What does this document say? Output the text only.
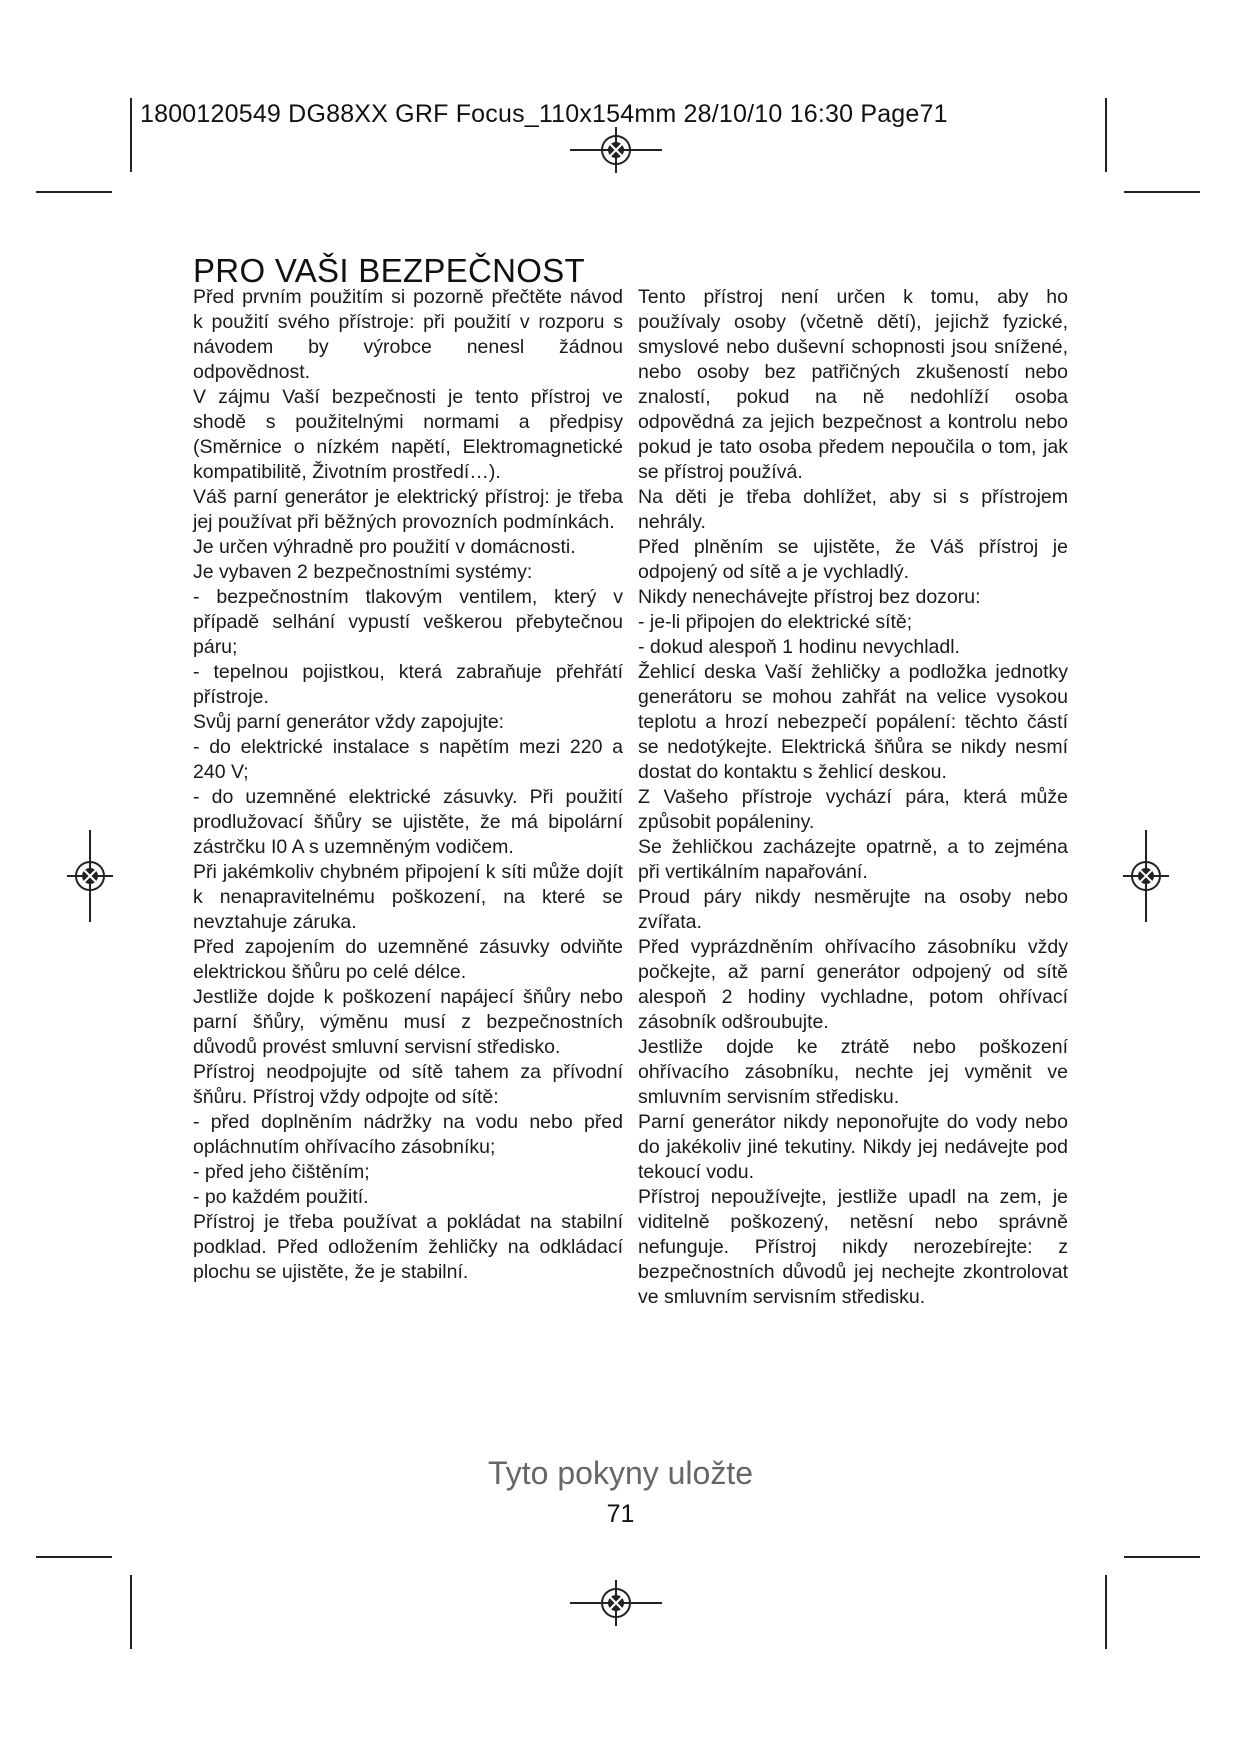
1800120549 DG88XX GRF Focus_110x154mm 28/10/10 16:30 Page71
PRO VAŠI BEZPEČNOST

Před prvním použitím si pozorně přečtěte návod k použití svého přístroje: při použití v rozporu s návodem by výrobce nenesl žádnou odpovědnost.

V zájmu Vaší bezpečnosti je tento přístroj ve shodě s použitelnými normami a předpisy (Směrnice o nízkém napětí, Elektromagnetické kompatibilitě, Životním prostředí…).

Váš parní generátor je elektrický přístroj: je třeba jej používat při běžných provozních podmínkách.

Je určen výhradně pro použití v domácnosti.

Je vybaven 2 bezpečnostními systémy:

- bezpečnostním tlakovým ventilem, který v případě selhání vypustí veškerou přebytečnou páru;

- tepelnou pojistkou, která zabraňuje přehřátí přístroje.

Svůj parní generátor vždy zapojujte:

- do elektrické instalace s napětím mezi 220 a 240 V;

- do uzemněné elektrické zásuvky. Při použití prodlužovací šňůry se ujistěte, že má bipolární zástrčku I0 A s uzemněným vodičem.

Při jakémkoliv chybném připojení k síti může dojít k nenapravitelnému poškození, na které se nevztahuje záruka.

Před zapojením do uzemněné zásuvky odviňte elektrickou šňůru po celé délce.

Jestliže dojde k poškození napájecí šňůry nebo parní šňůry, výměnu musí z bezpečnostních důvodů provést smluvní servisní středisko.

Přístroj neodpojujte od sítě tahem za přívodní šňůru. Přístroj vždy odpojte od sítě:

- před doplněním nádržky na vodu nebo před opláchnutím ohřívacího zásobníku;

- před jeho čištěním;

- po každém použití.

Přístroj je třeba používat a pokládat na stabilní podklad. Před odložením žehličky na odkládací plochu se ujistěte, že je stabilní.

Tento přístroj není určen k tomu, aby ho používaly osoby (včetně dětí), jejichž fyzické, smyslové nebo duševní schopnosti jsou snížené, nebo osoby bez patřičných zkušeností nebo znalostí, pokud na ně nedohlíží osoba odpovědná za jejich bezpečnost a kontrolu nebo pokud je tato osoba předem nepoučila o tom, jak se přístroj používá.

Na děti je třeba dohlížet, aby si s přístrojem nehrály.

Před plněním se ujistěte, že Váš přístroj je odpojený od sítě a je vychladlý.

Nikdy nenechávejte přístroj bez dozoru:

- je-li připojen do elektrické sítě;

- dokud alespoň 1 hodinu nevychladl.

Žehlicí deska Vaší žehličky a podložka jednotky generátoru se mohou zahřát na velice vysokou teplotu a hrozí nebezpečí popálení: těchto částí se nedotýkejte. Elektrická šňůra se nikdy nesmí dostat do kontaktu s žehlicí deskou.

Z Vašeho přístroje vychází pára, která může způsobit popáleniny.

Se žehličkou zacházejte opatrně, a to zejména při vertikálním napařování.

Proud páry nikdy nesměrujte na osoby nebo zvířata.

Před vyprázdněním ohřívacího zásobníku vždy počkejte, až parní generátor odpojený od sítě alespoň 2 hodiny vychladne, potom ohřívací zásobník odšroubujte.

Jestliže dojde ke ztrátě nebo poškození ohřívacího zásobníku, nechte jej vyměnit ve smluvním servisním středisku.

Parní generátor nikdy neponořujte do vody nebo do jakékoliv jiné tekutiny. Nikdy jej nedávejte pod tekoucí vodu.

Přístroj nepoužívejte, jestliže upadl na zem, je viditelně poškozený, netěsní nebo správně nefunguje. Přístroj nikdy nerozebírejte: z bezpečnostních důvodů jej nechejte zkontrolovat ve smluvním servisním středisku.

Tyto pokyny uložte
71
